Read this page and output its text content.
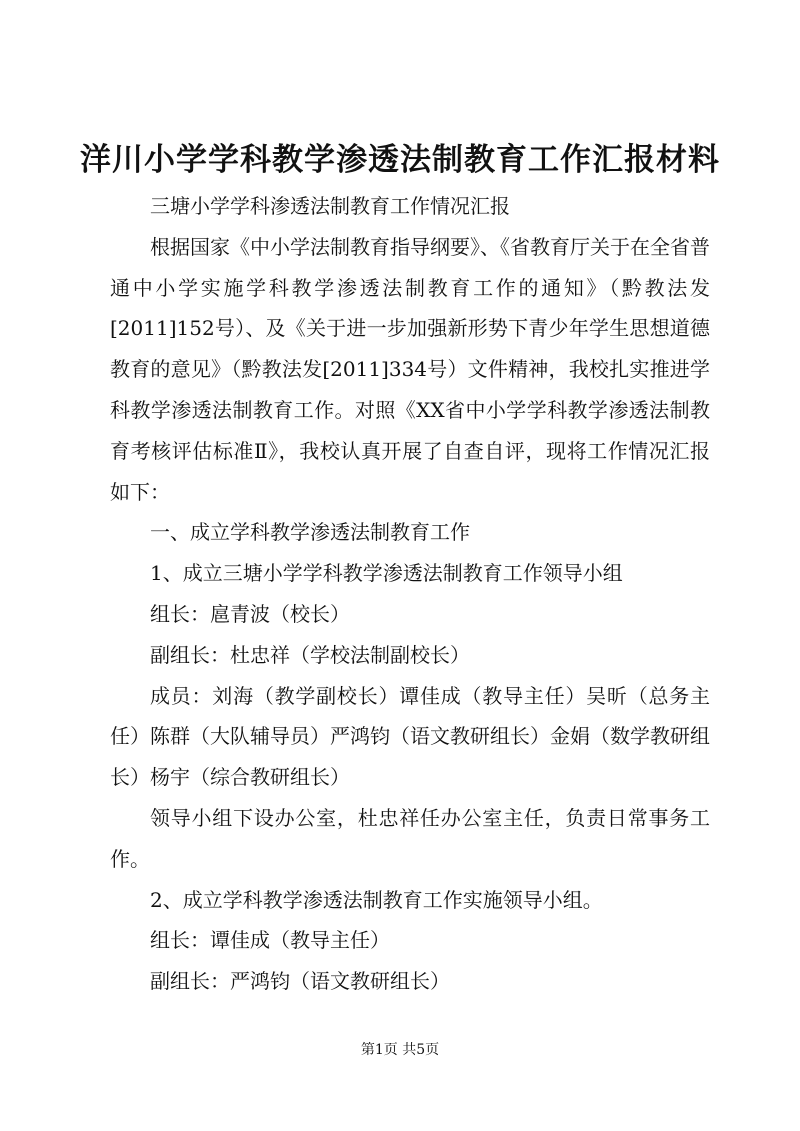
洋川小学学科教学渗透法制教育工作汇报材料

三塘小学学科渗透法制教育工作情况汇报

根据国家《中小学法制教育指导纲要》、《省教育厅关于在全省普通中小学实施学科教学渗透法制教育工作的通知》（黔教法发[2011]152号）、及《关于进一步加强新形势下青少年学生思想道德教育的意见》（黔教法发[2011]334号）文件精神，我校扎实推进学科教学渗透法制教育工作。对照《XX省中小学学科教学渗透法制教育考核评估标准Ⅱ》，我校认真开展了自查自评，现将工作情况汇报如下：

一、成立学科教学渗透法制教育工作

1、成立三塘小学学科教学渗透法制教育工作领导小组

组长：扈青波（校长）

副组长：杜忠祥（学校法制副校长）

成员：刘海（教学副校长）谭佳成（教导主任）吴昕（总务主任）陈群（大队辅导员）严鸿钧（语文教研组长）金娟（数学教研组长）杨宇（综合教研组长）

领导小组下设办公室，杜忠祥任办公室主任，负责日常事务工作。

2、成立学科教学渗透法制教育工作实施领导小组。

组长：谭佳成（教导主任）

副组长：严鸿钧（语文教研组长）

第1页 共5页
